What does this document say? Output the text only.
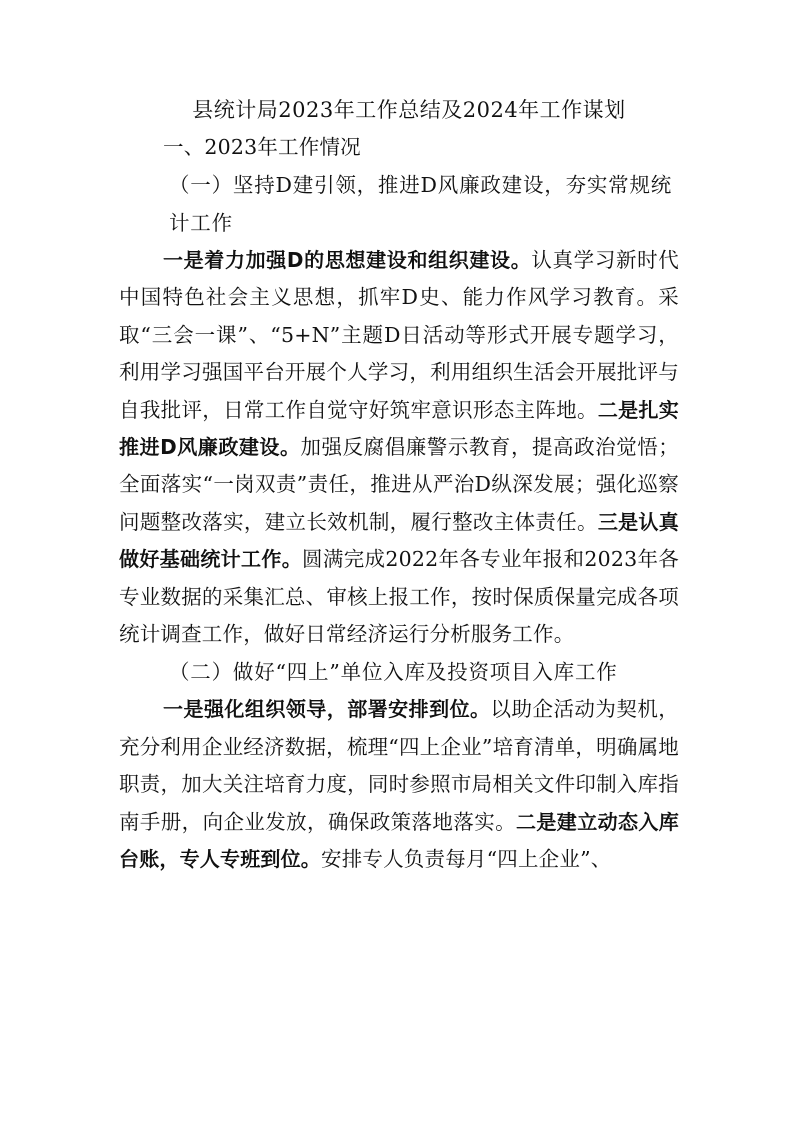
县统计局2023年工作总结及2024年工作谋划

一、2023年工作情况

（一）坚持D建引领，推进D风廉政建设，夯实常规统计工作

一是着力加强D的思想建设和组织建设。认真学习新时代中国特色社会主义思想，抓牢D史、能力作风学习教育。采取“三会一课”、“5+N”主题D日活动等形式开展专题学习，利用学习强国平台开展个人学习，利用组织生活会开展批评与自我批评，日常工作自觉守好筑牢意识形态主阵地。二是扎实推进D风廉政建设。加强反腐倡廉警示教育，提高政治觉悟；全面落实“一岗双责”责任，推进从严治D纵深发展；强化巡察问题整改落实，建立长效机制，履行整改主体责任。三是认真做好基础统计工作。圆满完成2022年各专业年报和2023年各专业数据的采集汇总、审核上报工作，按时保质保量完成各项统计调查工作，做好日常经济运行分析服务工作。

（二）做好“四上”单位入库及投资项目入库工作

一是强化组织领导，部署安排到位。以助企活动为契机，充分利用企业经济数据，梳理“四上企业”培育清单，明确属地职责，加大关注培育力度，同时参照市局相关文件印制入库指南手册，向企业发放，确保政策落地落实。二是建立动态入库台账，专人专班到位。安排专人负责每月“四上企业”、
